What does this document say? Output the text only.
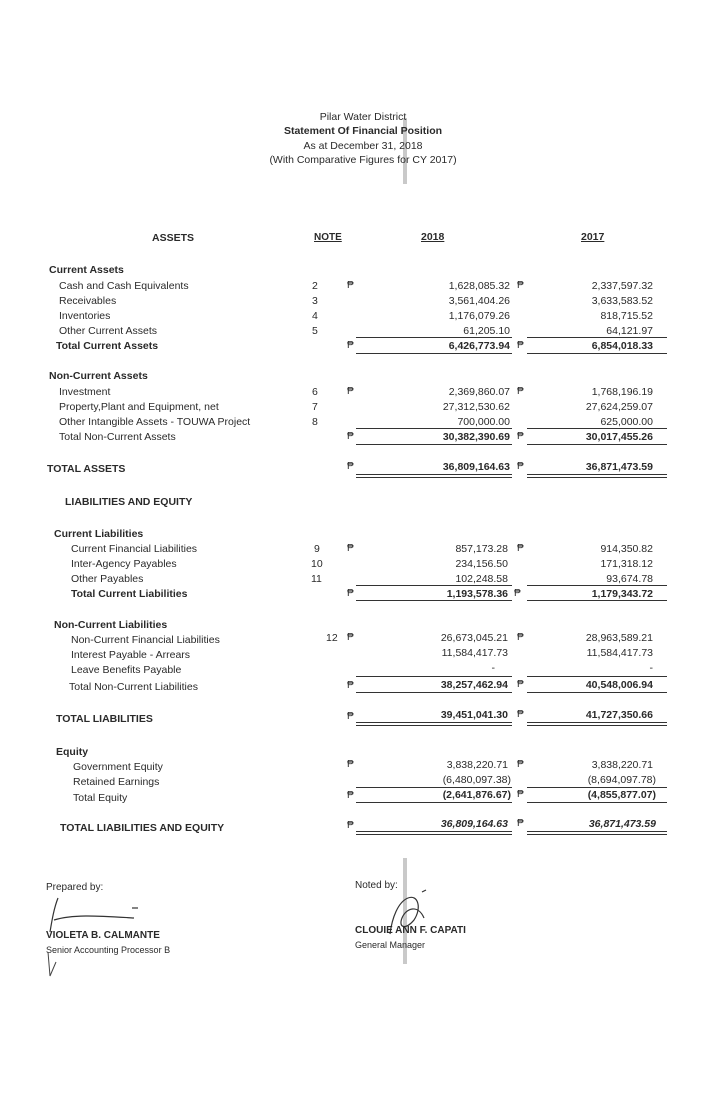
Pilar Water District
Statement Of Financial Position
As at December 31, 2018
(With Comparative Figures for CY 2017)
ASSETS	NOTE	2018	2017
Current Assets
Cash and Cash Equivalents	2	₱	1,628,085.32 ₱	2,337,597.32
Receivables	3	3,561,404.26	3,633,583.52
Inventories	4	1,176,079.26	818,715.52
Other Current Assets	5	61,205.10	64,121.97
Total Current Assets	₱	6,426,773.94 ₱	6,854,018.33
Non-Current Assets
Investment	6	₱	2,369,860.07 ₱	1,768,196.19
Property,Plant and Equipment, net	7	27,312,530.62	27,624,259.07
Other Intangible Assets - TOUWA Project	8	700,000.00	625,000.00
Total Non-Current Assets	₱	30,382,390.69 ₱	30,017,455.26
TOTAL ASSETS	₱	36,809,164.63 ₱	36,871,473.59
LIABILITIES AND EQUITY
Current Liabilities
Current Financial Liabilities	9	₱	857,173.28 ₱	914,350.82
Inter-Agency Payables	10	234,156.50	171,318.12
Other Payables	11	102,248.58	93,674.78
Total Current Liabilities	₱	1,193,578.36 ₱	1,179,343.72
Non-Current Liabilities
Non-Current Financial Liabilities	12 ₱	26,673,045.21 ₱	28,963,589.21
Interest Payable - Arrears	11,584,417.73	11,584,417.73
Leave Benefits Payable	-	-
Total Non-Current Liabilities	₱	38,257,462.94 ₱	40,548,006.94
TOTAL LIABILITIES	₱	39,451,041.30 ₱	41,727,350.66
Equity
Government Equity	₱	3,838,220.71 ₱	3,838,220.71
Retained Earnings	(6,480,097.38)	(8,694,097.78)
Total Equity	₱	(2,641,876.67) ₱	(4,855,877.07)
TOTAL LIABILITIES AND EQUITY	₱	36,809,164.63 ₱	36,871,473.59
Prepared by:
VIOLETA B. CALMANTE
Senior Accounting Processor B
Noted by:
CLOUIE ANN F. CAPATI
General Manager
